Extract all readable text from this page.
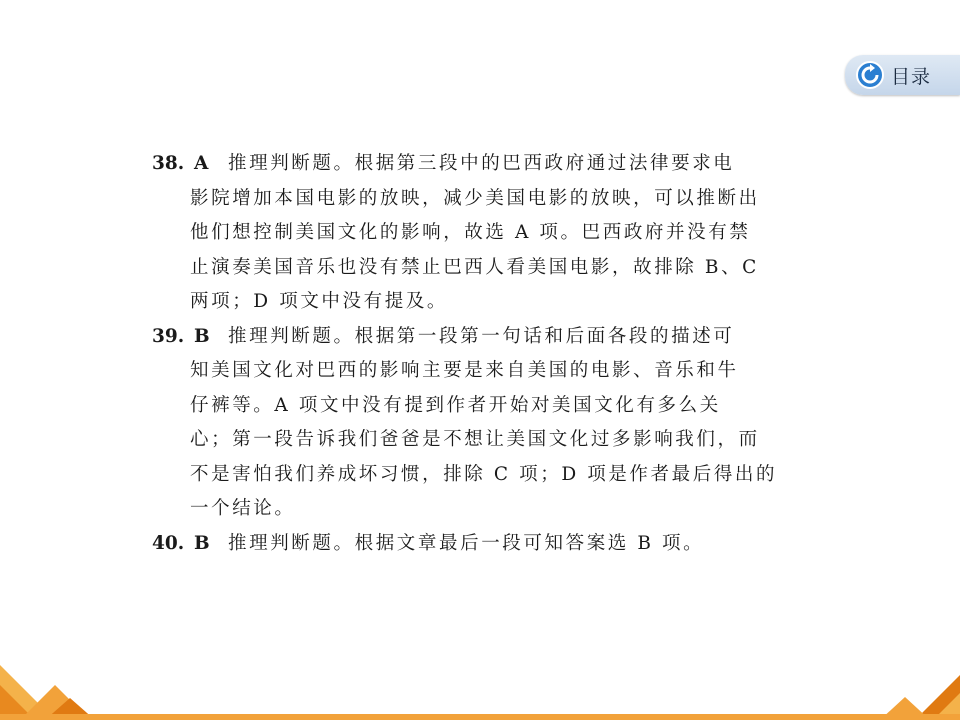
目录
38. A	推理判断题。根据第三段中的巴西政府通过法律要求电
影院增加本国电影的放映，减少美国电影的放映，可以推断出
他们想控制美国文化的影响，故选 A 项。巴西政府并没有禁
止演奏美国音乐也没有禁止巴西人看美国电影，故排除 B、C
两项；D 项文中没有提及。
39. B 推理判断题。根据第一段第一句话和后面各段的描述可
知美国文化对巴西的影响主要是来自美国的电影、音乐和牛
仔裤等。A 项文中没有提到作者开始对美国文化有多么关
心；第一段告诉我们爸爸是不想让美国文化过多影响我们，而
不是害怕我们养成坏习惯，排除 C 项；D 项是作者最后得出的
一个结论。
40. B 推理判断题。根据文章最后一段可知答案选 B 项。
